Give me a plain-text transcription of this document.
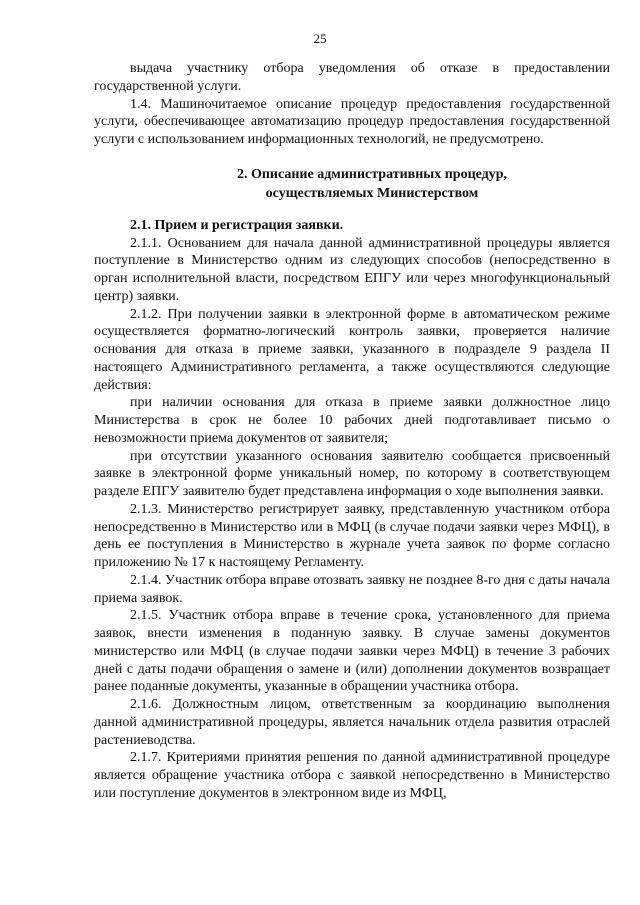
25

выдача участнику отбора уведомления об отказе в предоставлении государственной услуги.

1.4. Машиночитаемое описание процедур предоставления государственной услуги, обеспечивающее автоматизацию процедур предоставления государственной услуги с использованием информационных технологий, не предусмотрено.

2. Описание административных процедур,
осуществляемых Министерством

2.1. Прием и регистрация заявки.

2.1.1. Основанием для начала данной административной процедуры является поступление в Министерство одним из следующих способов (непосредственно в орган исполнительной власти, посредством ЕПГУ или через многофункциональный центр) заявки.

2.1.2. При получении заявки в электронной форме в автоматическом режиме осуществляется форматно-логический контроль заявки, проверяется наличие основания для отказа в приеме заявки, указанного в подразделе 9 раздела II настоящего Административного регламента, а также осуществляются следующие действия:

при наличии основания для отказа в приеме заявки должностное лицо Министерства в срок не более 10 рабочих дней подготавливает письмо о невозможности приема документов от заявителя;

при отсутствии указанного основания заявителю сообщается присвоенный заявке в электронной форме уникальный номер, по которому в соответствующем разделе ЕПГУ заявителю будет представлена информация о ходе выполнения заявки.

2.1.3. Министерство регистрирует заявку, представленную участником отбора непосредственно в Министерство или в МФЦ (в случае подачи заявки через МФЦ), в день ее поступления в Министерство в журнале учета заявок по форме согласно приложению № 17 к настоящему Регламенту.

2.1.4. Участник отбора вправе отозвать заявку не позднее 8-го дня с даты начала приема заявок.

2.1.5. Участник отбора вправе в течение срока, установленного для приема заявок, внести изменения в поданную заявку. В случае замены документов министерство или МФЦ (в случае подачи заявки через МФЦ) в течение 3 рабочих дней с даты подачи обращения о замене и (или) дополнении документов возвращает ранее поданные документы, указанные в обращении участника отбора.

2.1.6. Должностным лицом, ответственным за координацию выполнения данной административной процедуры, является начальник отдела развития отраслей растениеводства.

2.1.7. Критериями принятия решения по данной административной процедуре является обращение участника отбора с заявкой непосредственно в Министерство или поступление документов в электронном виде из МФЦ,
